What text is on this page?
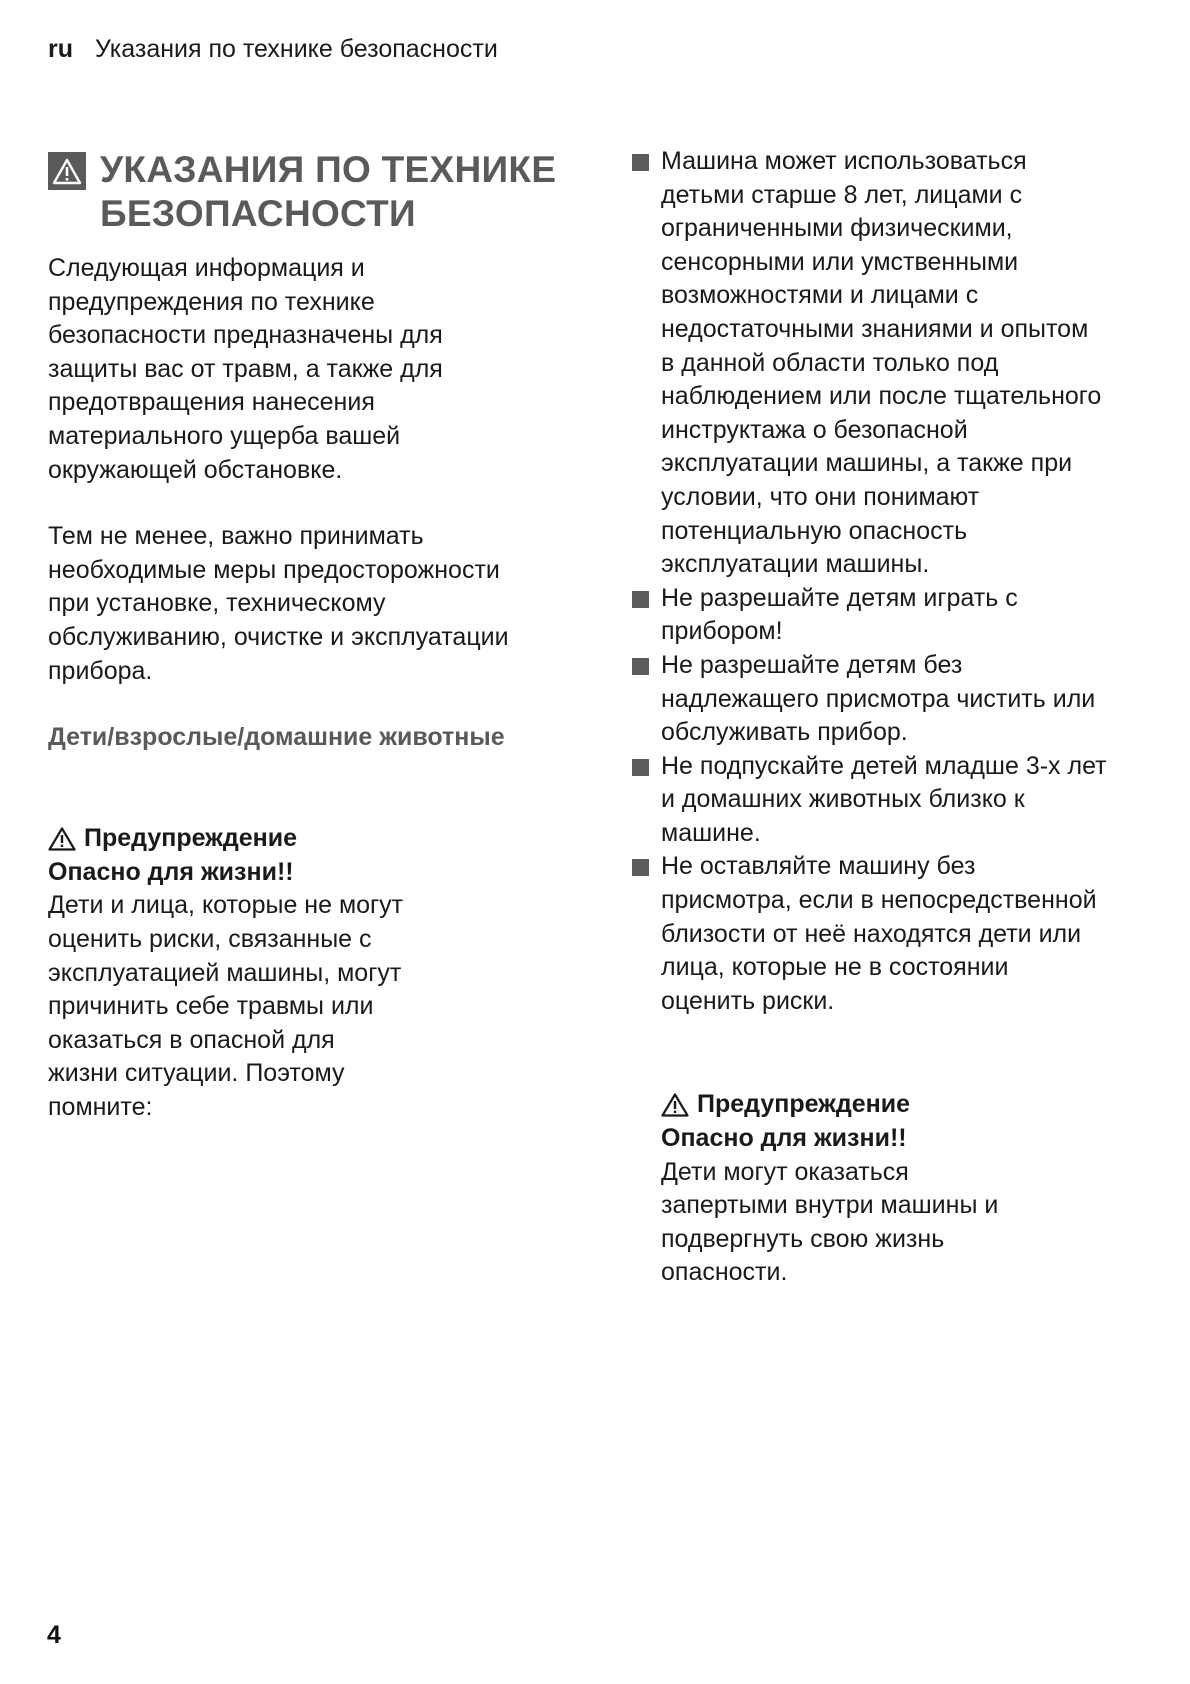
ru Указания по технике безопасности
УКАЗАНИЯ ПО ТЕХНИКЕ
БЕЗОПАСНОСТИ

Следующая информация и

предупреждения по технике

безопасности предназначены для

защиты вас от травм, а также для

предотвращения нанесения

материального ущерба вашей

окружающей обстановке.

Тем не менее, важно принимать

необходимые меры предосторожности

при установке, техническому

обслуживанию, очистке и эксплуатации

прибора.

Дети/взрослые/домашние животные
Предупреждение
Опасно для жизни!!

Дети и лица, которые не могут

оценить риски, связанные с

эксплуатацией машины, могут

причинить себе травмы или

оказаться в опасной для

жизни ситуации. Поэтому

помните:

Машина может использоваться
детьми старше 8 лет, лицами с
ограниченными физическими,
сенсорными или умственными
возможностями и лицами с
недостаточными знаниями и опытом
в данной области только под
наблюдением или после тщательного
инструктажа о безопасной
эксплуатации машины, а также при
условии, что они понимают
потенциальную опасность
эксплуатации машины.
Не разрешайте детям играть с
прибором!
Не разрешайте детям без
надлежащего присмотра чистить или
обслуживать прибор.
Не подпускайте детей младше 3-х лет
и домашних животных близко к
машине.
Не оставляйте машину без
присмотра, если в непосредственной
близости от неё находятся дети или
лица, которые не в состоянии
оценить риски.
Предупреждение
Опасно для жизни!!

Дети могут оказаться

запертыми внутри машины и

подвергнуть свою жизнь

опасности.

4
